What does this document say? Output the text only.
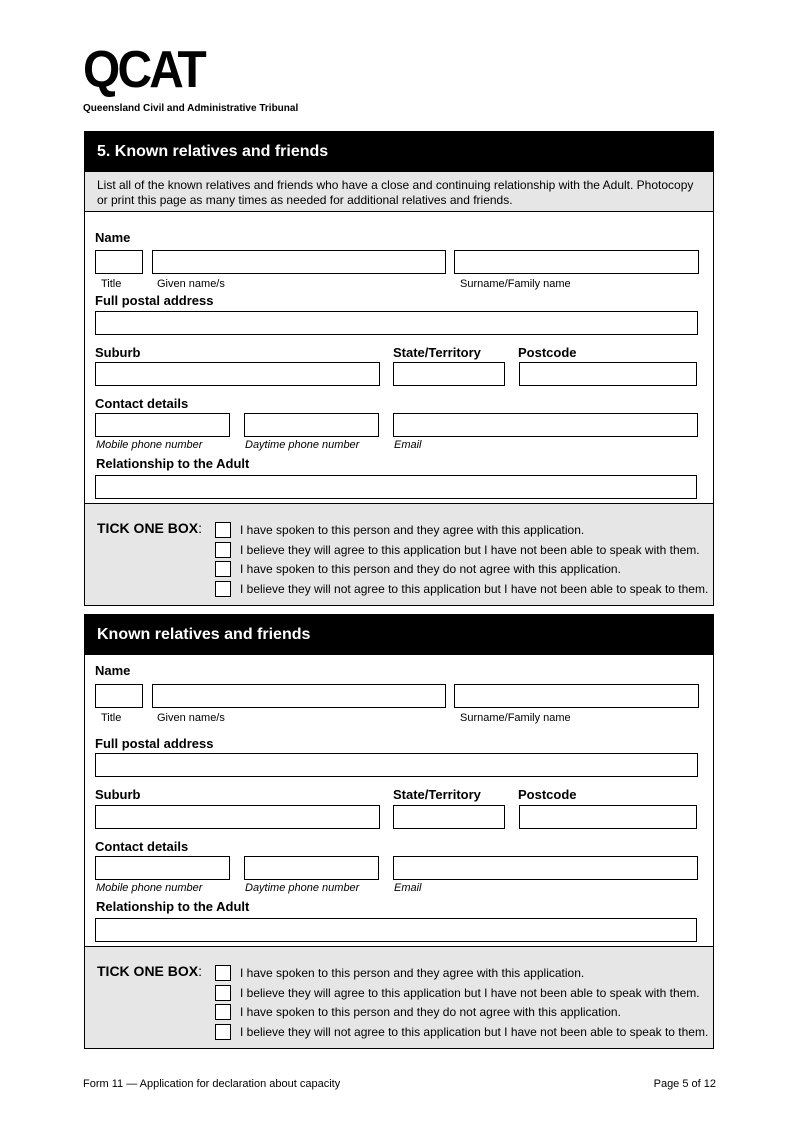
QCAT
Queensland Civil and Administrative Tribunal
5. Known relatives and friends
List all of the known relatives and friends who have a close and continuing relationship with the Adult. Photocopy or print this page as many times as needed for additional relatives and friends.
Name
Title	Given name/s	Surname/Family name
Full postal address
Suburb	State/Territory	Postcode
Contact details
Mobile phone number	Daytime phone number	Email
Relationship to the Adult
TICK ONE BOX:	I have spoken to this person and they agree with this application.
I believe they will agree to this application but I have not been able to speak with them.
I have spoken to this person and they do not agree with this application.
I believe they will not agree to this application but I have not been able to speak to them.
Known relatives and friends
Name
Title	Given name/s	Surname/Family name
Full postal address
Suburb	State/Territory	Postcode
Contact details
Mobile phone number	Daytime phone number	Email
Relationship to the Adult
TICK ONE BOX:	I have spoken to this person and they agree with this application.
I believe they will agree to this application but I have not been able to speak with them.
I have spoken to this person and they do not agree with this application.
I believe they will not agree to this application but I have not been able to speak to them.
Form 11 — Application for declaration about capacity	Page 5 of 12
